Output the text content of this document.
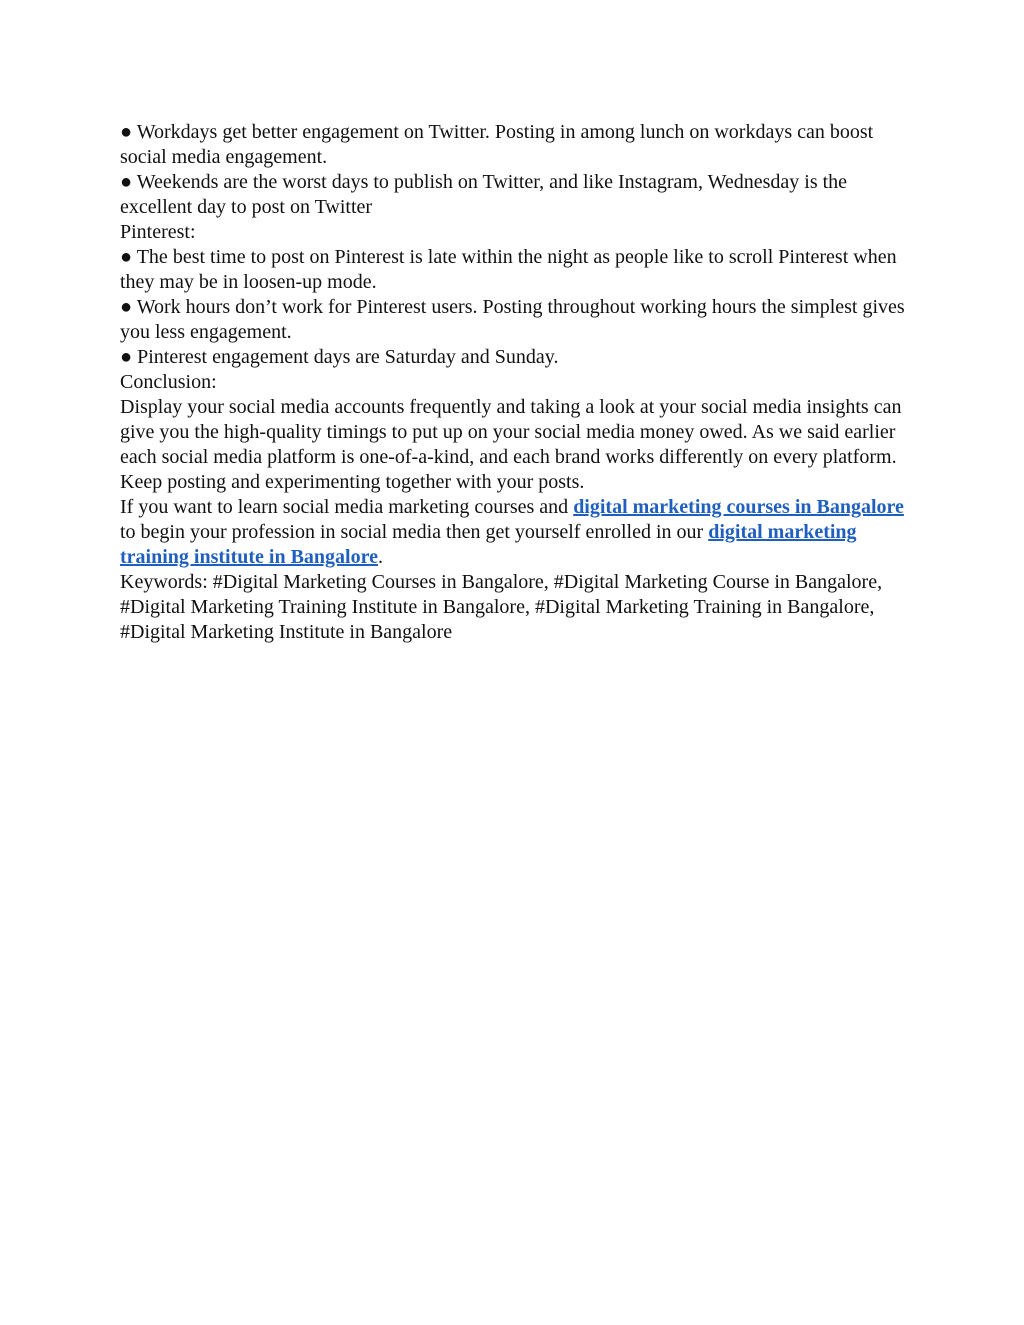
● Workdays get better engagement on Twitter. Posting in among lunch on workdays can boost social media engagement.

● Weekends are the worst days to publish on Twitter, and like Instagram, Wednesday is the excellent day to post on Twitter

Pinterest:

● The best time to post on Pinterest is late within the night as people like to scroll Pinterest when they may be in loosen-up mode.

● Work hours don’t work for Pinterest users. Posting throughout working hours the simplest gives you less engagement.

● Pinterest engagement days are Saturday and Sunday.

Conclusion:

Display your social media accounts frequently and taking a look at your social media insights can give you the high-quality timings to put up on your social media money owed. As we said earlier each social media platform is one-of-a-kind, and each brand works differently on every platform. Keep posting and experimenting together with your posts.

If you want to learn social media marketing courses and digital marketing courses in Bangalore to begin your profession in social media then get yourself enrolled in our digital marketing training institute in Bangalore.

Keywords: #Digital Marketing Courses in Bangalore, #Digital Marketing Course in Bangalore, #Digital Marketing Training Institute in Bangalore, #Digital Marketing Training in Bangalore, #Digital Marketing Institute in Bangalore
